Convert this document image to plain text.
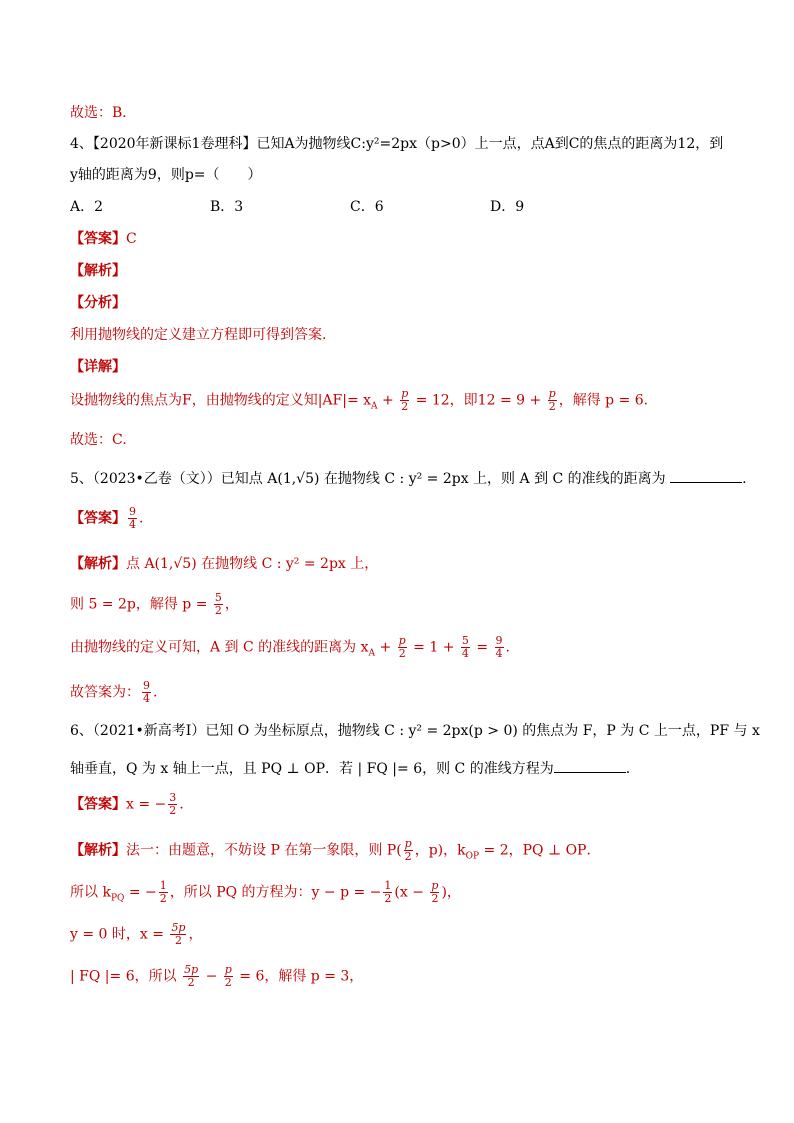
故选：B．
4、【2020年新课标1卷理科】已知A为抛物线C:y²=2px（p>0）上一点，点A到C的焦点的距离为12，到
y轴的距离为9，则p=（　　）
A．2	B．3	C．6	D．9
【答案】C
【解析】
【分析】
利用抛物线的定义建立方程即可得到答案.
【详解】
设抛物线的焦点为F，由抛物线的定义知$|AF|= x_A + \frac{p}{2} = 12$，即$12 = 9 + \frac{p}{2}$ ，解得 p = 6.
故选：C.
5、（2023•乙卷（文））已知点 A(1,√5) 在抛物线 C : y² = 2px 上，则 A 到 C 的准线的距离为	.
【答案】 $\frac{9}{4}$ .
【解析】点 A(1,√5) 在抛物线 C : y² = 2px 上，
则 5 = 2p，解得 $p = \frac{5}{2}$ ，
由抛物线的定义可知，A 到 C 的准线的距离为 $x_A + \frac{p}{2} = 1 + \frac{5}{4} = \frac{9}{4}$ .
故答案为： $\frac{9}{4}$ .
6、（2021•新高考Ⅰ）已知 O 为坐标原点，抛物线 C : y² = 2px(p > 0) 的焦点为 F，P 为 C 上一点，PF 与 x
轴垂直，Q 为 x 轴上一点，且 PQ ⊥ OP．若 | FQ |= 6，则 C 的准线方程为	.
【答案】x = − $\frac{3}{2}$ .
【解析】法一：由题意，不妨设 P 在第一象限，则 $P( \frac{p}{2}$ ，p)，$k_{OP} = 2$，PQ ⊥ OP．
所以 $k_{PQ}$ = − $\frac{1}{2}$ ，所以 PQ 的方程为：y − p = − $\frac{1}{2} (x - \frac{p}{2}$ )，
y = 0 时，$x = \frac{5p}{2}$ ，
| FQ |= 6，所以 $\frac{5p}{2} - \frac{p}{2} = 6$，解得 p = 3，
